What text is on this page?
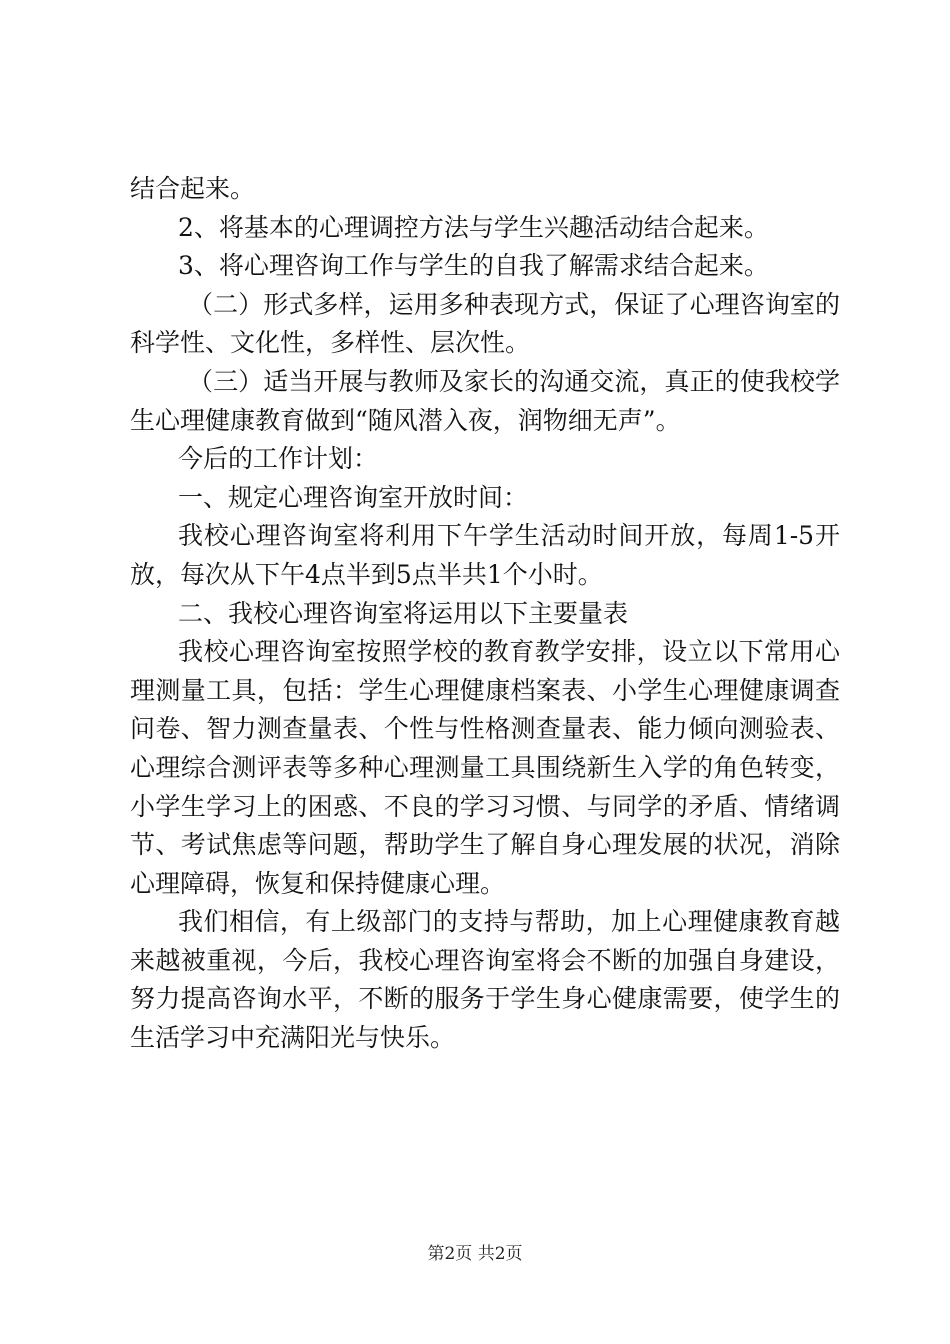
结合起来。

2、将基本的心理调控方法与学生兴趣活动结合起来。

3、将心理咨询工作与学生的自我了解需求结合起来。

（二）形式多样，运用多种表现方式，保证了心理咨询室的科学性、文化性，多样性、层次性。

（三）适当开展与教师及家长的沟通交流，真正的使我校学生心理健康教育做到“随风潜入夜，润物细无声”。

今后的工作计划：

一、规定心理咨询室开放时间：

我校心理咨询室将利用下午学生活动时间开放，每周1-5开放，每次从下午4点半到5点半共1个小时。

二、我校心理咨询室将运用以下主要量表

我校心理咨询室按照学校的教育教学安排，设立以下常用心理测量工具，包括：学生心理健康档案表、小学生心理健康调查问卷、智力测查量表、个性与性格测查量表、能力倾向测验表、心理综合测评表等多种心理测量工具围绕新生入学的角色转变，小学生学习上的困惑、不良的学习习惯、与同学的矛盾、情绪调节、考试焦虑等问题，帮助学生了解自身心理发展的状况，消除心理障碍，恢复和保持健康心理。

我们相信，有上级部门的支持与帮助，加上心理健康教育越来越被重视，今后，我校心理咨询室将会不断的加强自身建设，努力提高咨询水平，不断的服务于学生身心健康需要，使学生的生活学习中充满阳光与快乐。

第2页 共2页
